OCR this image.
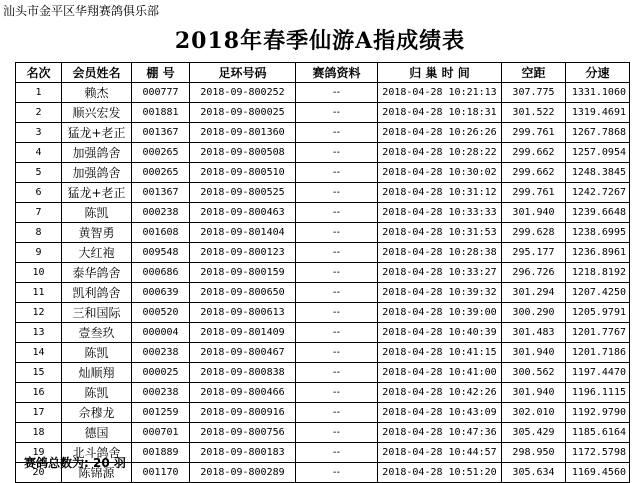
汕头市金平区华翔赛鸽俱乐部
2018年春季仙游A指成绩表
名次	会员姓名	棚 号	足环号码	赛鸽资料	归 巢 时 间	空距	分速
1	赖杰	000777	2018-09-800252	--	2018-04-28 10:21:13	307.775	1331.1060
2	顺兴宏发	001881	2018-09-800025	--	2018-04-28 10:18:31	301.522	1319.4691
3	猛龙+老正	001367	2018-09-801360	--	2018-04-28 10:26:26	299.761	1267.7868
4	加强鸽舍	000265	2018-09-800508	--	2018-04-28 10:28:22	299.662	1257.0954
5	加强鸽舍	000265	2018-09-800510	--	2018-04-28 10:30:02	299.662	1248.3845
6	猛龙+老正	001367	2018-09-800525	--	2018-04-28 10:31:12	299.761	1242.7267
7	陈凯	000238	2018-09-800463	--	2018-04-28 10:33:33	301.940	1239.6648
8	黄智勇	001608	2018-09-801404	--	2018-04-28 10:31:53	299.628	1238.6995
9	大红袍	009548	2018-09-800123	--	2018-04-28 10:28:38	295.177	1236.8961
10	泰华鸽舍	000686	2018-09-800159	--	2018-04-28 10:33:27	296.726	1218.8192
11	凯利鸽舍	000639	2018-09-800650	--	2018-04-28 10:39:32	301.294	1207.4250
12	三和国际	000520	2018-09-800613	--	2018-04-28 10:39:00	300.290	1205.9791
13	壹叁玖	000004	2018-09-801409	--	2018-04-28 10:40:39	301.483	1201.7767
14	陈凯	000238	2018-09-800467	--	2018-04-28 10:41:15	301.940	1201.7186
15	灿顺翔	000025	2018-09-800838	--	2018-04-28 10:41:00	300.562	1197.4470
16	陈凯	000238	2018-09-800466	--	2018-04-28 10:42:26	301.940	1196.1115
17	佘穆龙	001259	2018-09-800916	--	2018-04-28 10:43:09	302.010	1192.9790
18	德国	000701	2018-09-800756	--	2018-04-28 10:47:36	305.429	1185.6164
19	北斗鸽舍	001889	2018-09-800183	--	2018-04-28 10:44:57	298.950	1172.5798
20	陈锦源	001170	2018-09-800289	--	2018-04-28 10:51:20	305.634	1169.4560
赛鸽总数为: 20 羽
